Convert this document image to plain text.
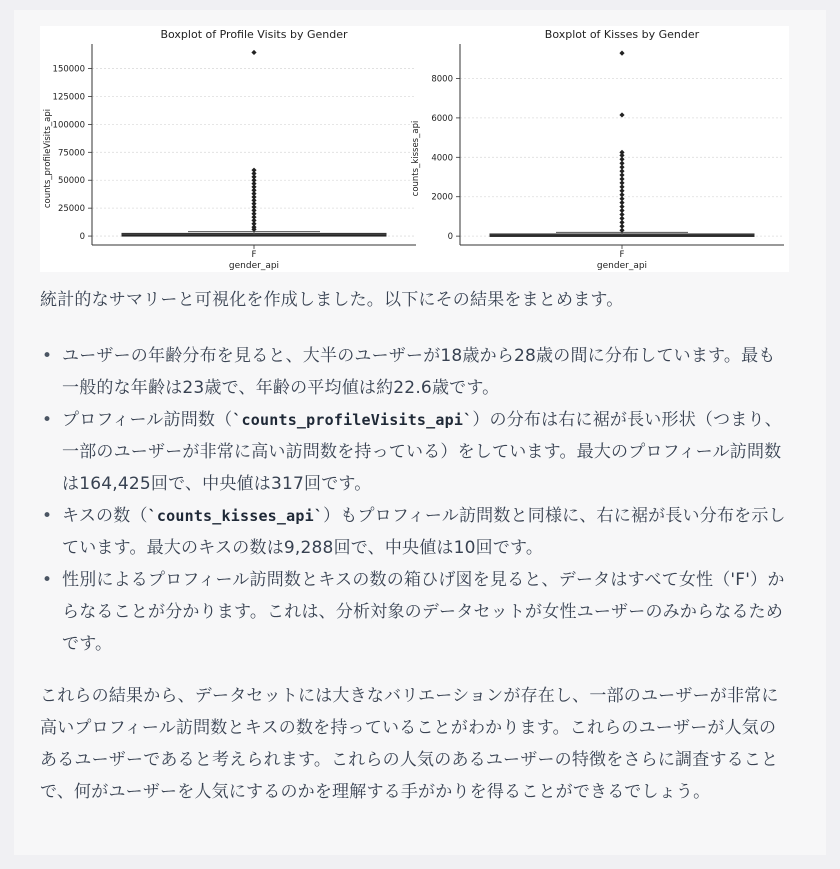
Boxplot of Profile Visits by Gender
0
25000
50000
75000
100000
125000
150000
F
gender_api
counts_profileVisits_api
Boxplot of Kisses by Gender
0
2000
4000
6000
8000
F
gender_api
counts_kisses_api
統計的なサマリーと可視化を作成しました。以下にその結果をまとめます。
• ユーザーの年齢分布を見ると、大半のユーザーが18歳から28歳の間に分布しています。最も一般的な年齢は23歳で、年齢の平均値は約22.6歳です。
• プロフィール訪問数（`counts_profileVisits_api`）の分布は右に裾が長い形状（つまり、一部のユーザーが非常に高い訪問数を持っている）をしています。最大のプロフィール訪問数は164,425回で、中央値は317回です。
• キスの数（`counts_kisses_api`）もプロフィール訪問数と同様に、右に裾が長い分布を示しています。最大のキスの数は9,288回で、中央値は10回です。
• 性別によるプロフィール訪問数とキスの数の箱ひげ図を見ると、データはすべて女性（'F'）からなることが分かります。これは、分析対象のデータセットが女性ユーザーのみからなるためです。
これらの結果から、データセットには大きなバリエーションが存在し、一部のユーザーが非常に高いプロフィール訪問数とキスの数を持っていることがわかります。これらのユーザーが人気のあるユーザーであると考えられます。これらの人気のあるユーザーの特徴をさらに調査することで、何がユーザーを人気にするのかを理解する手がかりを得ることができるでしょう。
